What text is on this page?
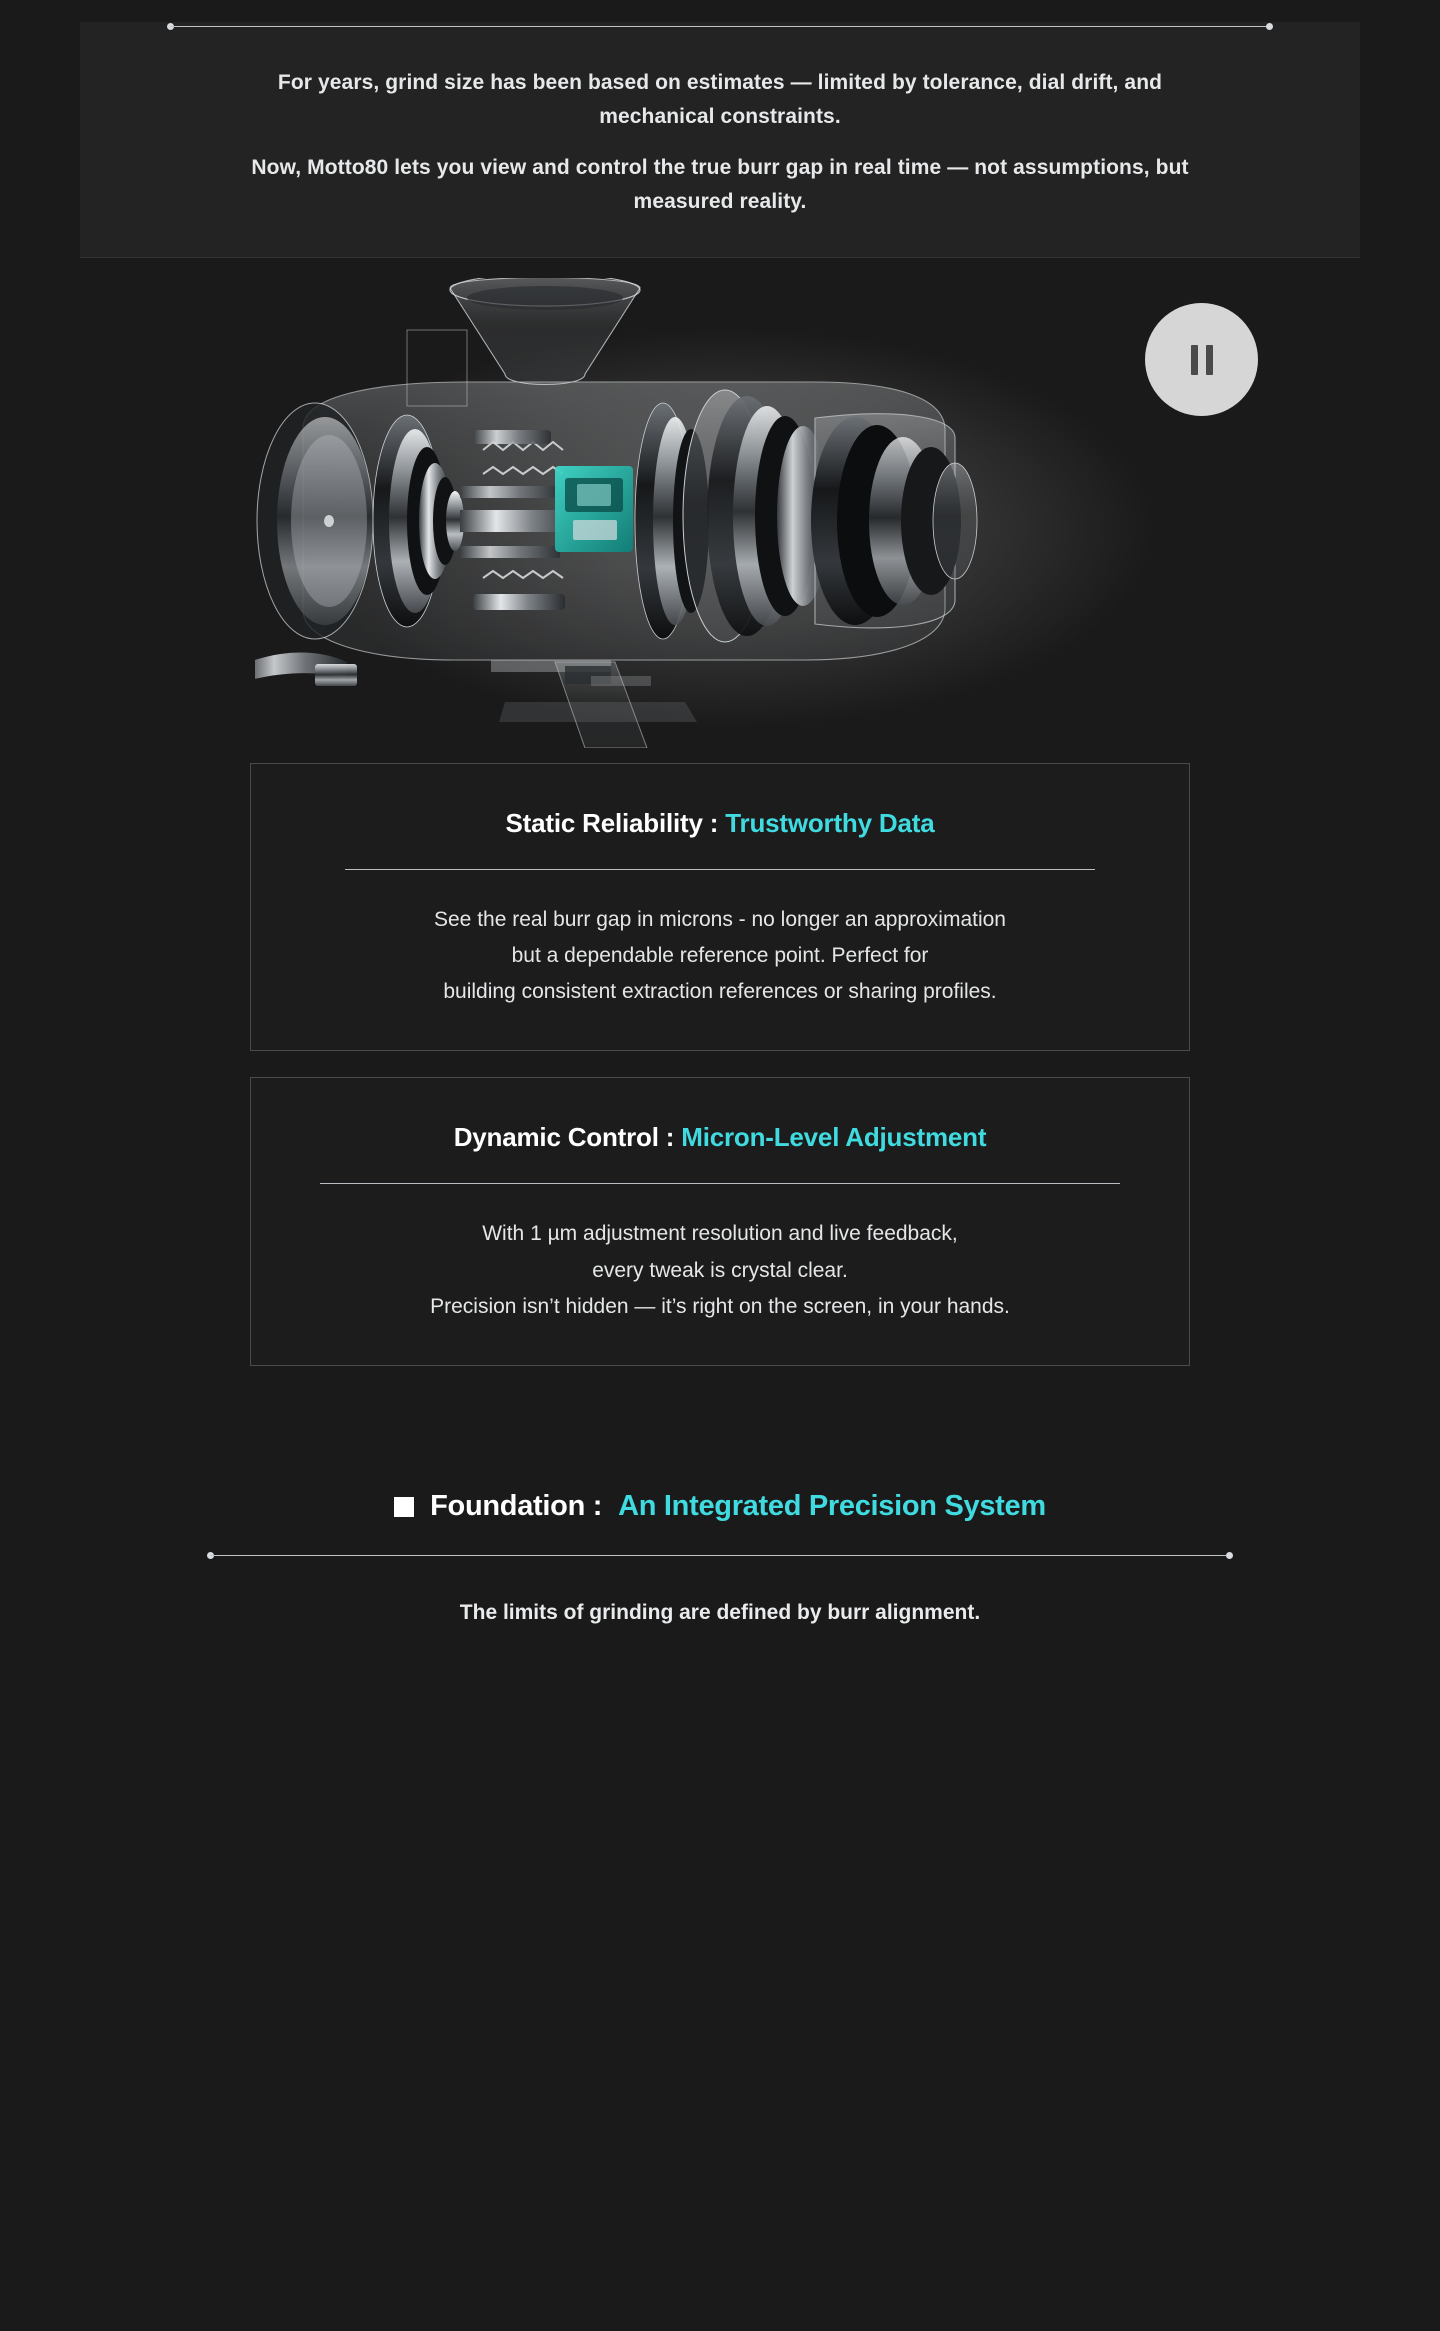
For years, grind size has been based on estimates — limited by tolerance, dial drift, and mechanical constraints.

Now, Motto80 lets you view and control the true burr gap in real time — not assumptions, but measured reality.

Static Reliability : Trustworthy Data

See the real burr gap in microns - no longer an approximation

but a dependable reference point. Perfect for

building consistent extraction references or sharing profiles.

Dynamic Control : Micron-Level Adjustment

With 1 µm adjustment resolution and live feedback,

every tweak is crystal clear.

Precision isn’t hidden — it’s right on the screen, in your hands.

Foundation : An Integrated Precision System
The limits of grinding are defined by burr alignment.
